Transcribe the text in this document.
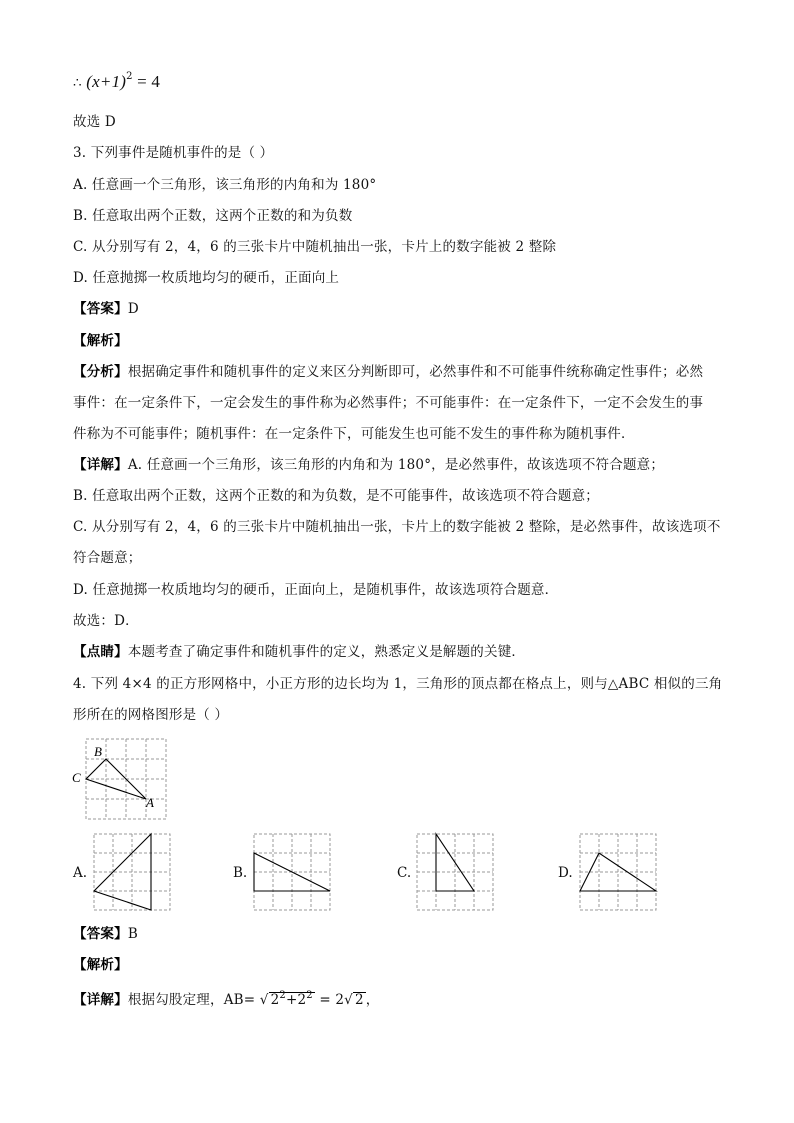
∴ $(x+1)^2 = 4$
故选 D
3. 下列事件是随机事件的是（ ）
A. 任意画一个三角形，该三角形的内角和为 180°
B. 任意取出两个正数，这两个正数的和为负数
C. 从分别写有 2，4，6 的三张卡片中随机抽出一张，卡片上的数字能被 2 整除
D. 任意抛掷一枚质地均匀的硬币，正面向上
【答案】D
【解析】
【分析】根据确定事件和随机事件的定义来区分判断即可，必然事件和不可能事件统称确定性事件；必然
事件：在一定条件下，一定会发生的事件称为必然事件；不可能事件：在一定条件下，一定不会发生的事
件称为不可能事件；随机事件：在一定条件下，可能发生也可能不发生的事件称为随机事件．
【详解】A. 任意画一个三角形，该三角形的内角和为 180°，是必然事件，故该选项不符合题意；
B. 任意取出两个正数，这两个正数的和为负数，是不可能事件，故该选项不符合题意；
C. 从分别写有 2，4，6 的三张卡片中随机抽出一张，卡片上的数字能被 2 整除，是必然事件，故该选项不
符合题意；
D. 任意抛掷一枚质地均匀的硬币，正面向上，是随机事件，故该选项符合题意．
故选：D．
【点睛】本题考查了确定事件和随机事件的定义，熟悉定义是解题的关键．
4. 下列 4×4 的正方形网格中，小正方形的边长均为 1，三角形的顶点都在格点上，则与△ABC 相似的三角
形所在的网格图形是（ ）
B
C
A
A.	B.	C.	D.
【答案】B
【解析】
【详解】根据勾股定理，AB= √ $2^2+2^2 = 2√$ 2 ，
